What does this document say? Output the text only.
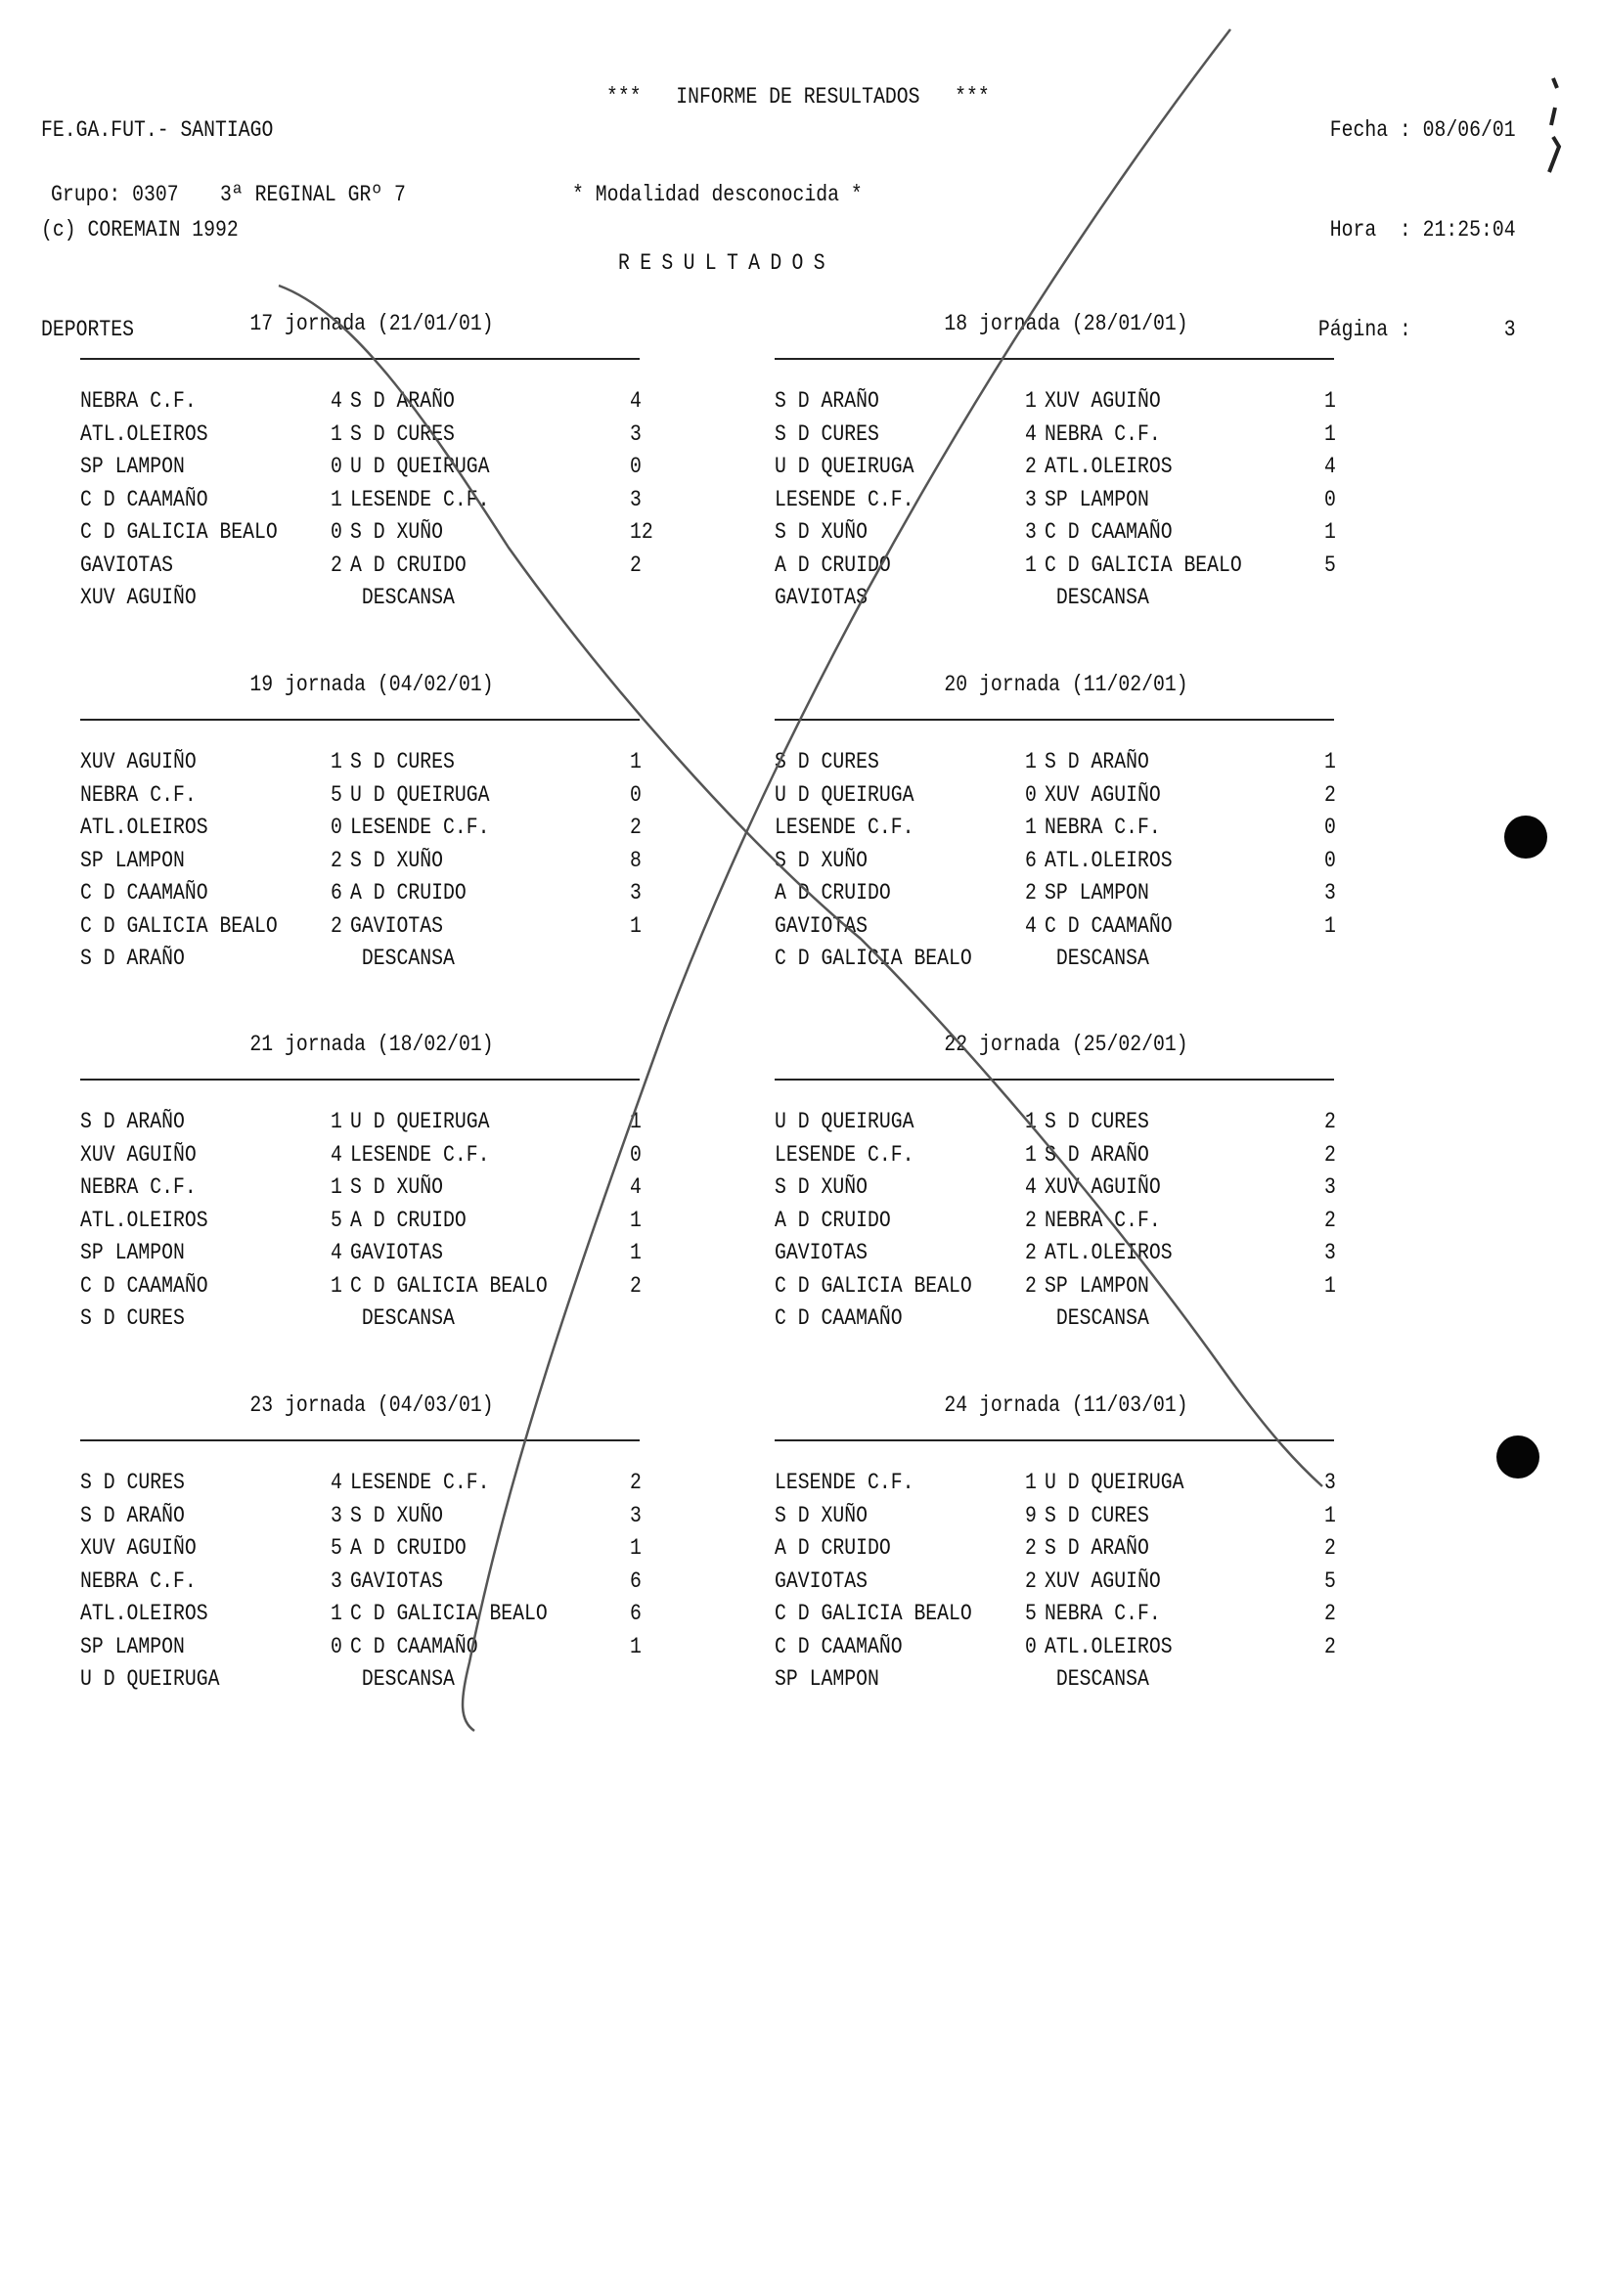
FE.GA.FUT.- SANTIAGO

(c) COREMAIN 1992

DEPORTES

***   INFORME DE RESULTADOS   ***

Fecha : 08/06/01

Hora  : 21:25:04

Página :        3

Grupo: 0307 3ª REGINAL GRº 7	* Modalidad desconocida *
RESULTADOS
17 jornada (21/01/01)
NEBRA C.F.	4 S D ARAÑO	4
ATL.OLEIROS	1 S D CURES	3
SP LAMPON	0 U D QUEIRUGA	0
C D CAAMAÑO	1 LESENDE C.F.	3
C D GALICIA BEALO 0 S D XUÑO	12
GAVIOTAS	2 A D CRUIDO	2
XUV AGUIÑO	DESCANSA
18 jornada (28/01/01)
S D ARAÑO	1 XUV AGUIÑO	1
S D CURES	4 NEBRA C.F.	1
U D QUEIRUGA	2 ATL.OLEIROS	4
LESENDE C.F.	3 SP LAMPON	0
S D XUÑO	3 C D CAAMAÑO	1
A D CRUIDO	1 C D GALICIA BEALO	5
GAVIOTAS	DESCANSA
19 jornada (04/02/01)
XUV AGUIÑO	1 S D CURES	1
NEBRA C.F.	5 U D QUEIRUGA	0
ATL.OLEIROS	0 LESENDE C.F.	2
SP LAMPON	2 S D XUÑO	8
C D CAAMAÑO	6 A D CRUIDO	3
C D GALICIA BEALO 2 GAVIOTAS	1
S D ARAÑO	DESCANSA
20 jornada (11/02/01)
S D CURES	1 S D ARAÑO	1
U D QUEIRUGA	0 XUV AGUIÑO	2
LESENDE C.F.	1 NEBRA C.F.	0
S D XUÑO	6 ATL.OLEIROS	0
A D CRUIDO	2 SP LAMPON	3
GAVIOTAS	4 C D CAAMAÑO	1
C D GALICIA BEALO	DESCANSA
21 jornada (18/02/01)
S D ARAÑO	1 U D QUEIRUGA	1
XUV AGUIÑO	4 LESENDE C.F.	0
NEBRA C.F.	1 S D XUÑO	4
ATL.OLEIROS	5 A D CRUIDO	1
SP LAMPON	4 GAVIOTAS	1
C D CAAMAÑO	1 C D GALICIA BEALO	2
S D CURES	DESCANSA
22 jornada (25/02/01)
U D QUEIRUGA	1 S D CURES	2
LESENDE C.F.	1 S D ARAÑO	2
S D XUÑO	4 XUV AGUIÑO	3
A D CRUIDO	2 NEBRA C.F.	2
GAVIOTAS	2 ATL.OLEIROS	3
C D GALICIA BEALO 2 SP LAMPON	1
C D CAAMAÑO	DESCANSA
23 jornada (04/03/01)
S D CURES	4 LESENDE C.F.	2
S D ARAÑO	3 S D XUÑO	3
XUV AGUIÑO	5 A D CRUIDO	1
NEBRA C.F.	3 GAVIOTAS	6
ATL.OLEIROS	1 C D GALICIA BEALO	6
SP LAMPON	0 C D CAAMAÑO	1
U D QUEIRUGA	DESCANSA
24 jornada (11/03/01)
LESENDE C.F.	1 U D QUEIRUGA	3
S D XUÑO	9 S D CURES	1
A D CRUIDO	2 S D ARAÑO	2
GAVIOTAS	2 XUV AGUIÑO	5
C D GALICIA BEALO 5 NEBRA C.F.	2
C D CAAMAÑO	0 ATL.OLEIROS	2
SP LAMPON	DESCANSA
